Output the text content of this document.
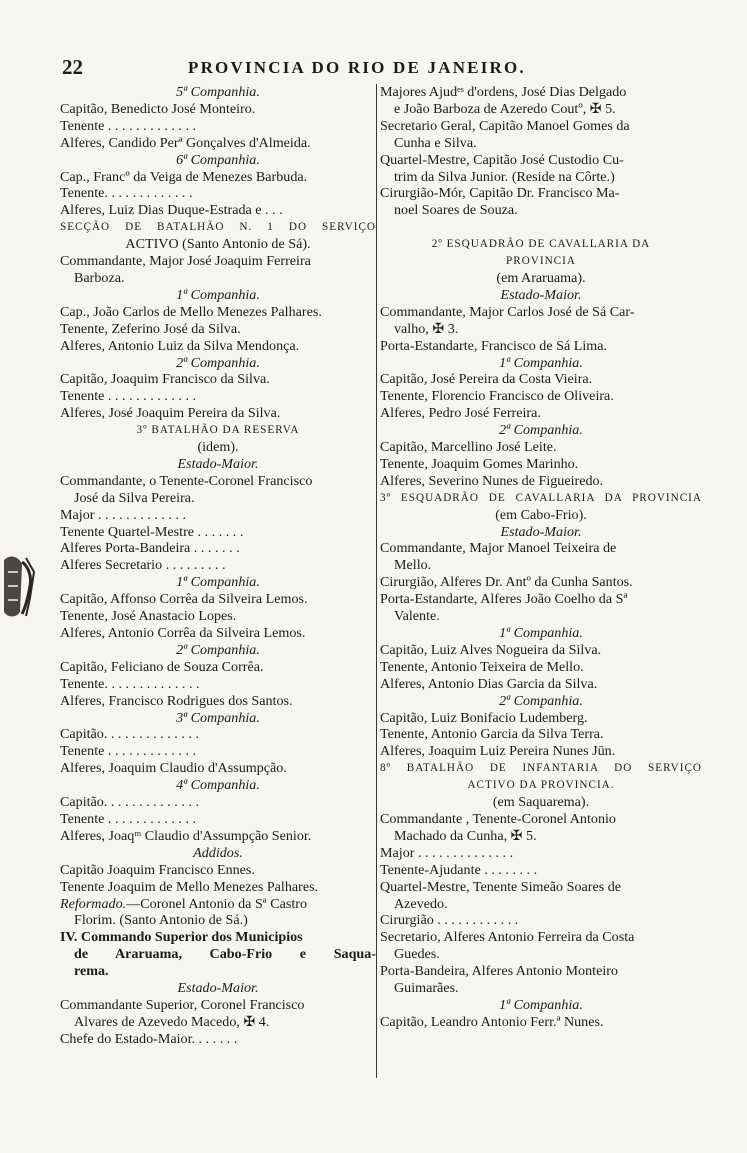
22	PROVINCIA DO RIO DE JANEIRO.
5ª Companhia.
Capitão, Benedicto José Monteiro.
Tenente . . . . . . . . . . . . .
Alferes, Candido Perª Gonçalves d'Almeida.
6ª Companhia.
Cap., Francº da Veiga de Menezes Barbuda.
Tenente. . . . . . . . . . . . .
Alferes, Luiz Dias Duque-Estrada e . . .
SECÇÃO DE BATALHÃO N. 1 DO SERVIÇO
ACTIVO (Santo Antonio de Sá).
Commandante, Major José Joaquim Ferreira
Barboza.
1ª Companhia.
Cap., João Carlos de Mello Menezes Palhares.
Tenente, Zeferino José da Silva.
Alferes, Antonio Luiz da Silva Mendonça.
2ª Companhia.
Capitão, Joaquim Francisco da Silva.
Tenente . . . . . . . . . . . . .
Alferes, José Joaquim Pereira da Silva.
3º BATALHÃO DA RESERVA
(idem).
Estado-Maior.
Commandante, o Tenente-Coronel Francisco
José da Silva Pereira.
Major . . . . . . . . . . . . .
Tenente Quartel-Mestre . . . . . . .
Alferes Porta-Bandeira . . . . . . .
Alferes Secretario . . . . . . . . .
1ª Companhia.
Capitão, Affonso Corrêa da Silveira Lemos.
Tenente, José Anastacio Lopes.
Alferes, Antonio Corrêa da Silveira Lemos.
2ª Companhia.
Capitão, Feliciano de Souza Corrêa.
Tenente. . . . . . . . . . . . . .
Alferes, Francisco Rodrigues dos Santos.
3ª Companhia.
Capitão. . . . . . . . . . . . . .
Tenente . . . . . . . . . . . . .
Alferes, Joaquim Claudio d'Assumpção.
4ª Companhia.
Capitão. . . . . . . . . . . . . .
Tenente . . . . . . . . . . . . .
Alferes, Joaqᵐ Claudio d'Assumpção Senior.
Addidos.
Capitão Joaquim Francisco Ennes.
Tenente Joaquim de Mello Menezes Palhares.
Reformado.—Coronel Antonio da Sª Castro
Florim. (Santo Antonio de Sá.)
IV. Commando Superior dos Municipios
de Araruama, Cabo-Frio e Saqua-
rema.
Estado-Maior.
Commandante Superior, Coronel Francisco
Alvares de Azevedo Macedo, ✠ 4.
Chefe do Estado-Maior. . . . . . .
Majores Ajudᵉˢ d'ordens, José Dias Delgado
e João Barboza de Azeredo Coutº, ✠ 5.
Secretario Geral, Capitão Manoel Gomes da
Cunha e Silva.
Quartel-Mestre, Capitão José Custodio Cu-
trim da Silva Junior. (Reside na Côrte.)
Cirurgião-Mór, Capitão Dr. Francisco Ma-
noel Soares de Souza.

2º ESQUADRÃO DE CAVALLARIA DA
PROVINCIA
(em Araruama).
Estado-Maior.
Commandante, Major Carlos José de Sá Car-
valho, ✠ 3.
Porta-Estandarte, Francisco de Sá Lima.
1ª Companhia.
Capitão, José Pereira da Costa Vieira.
Tenente, Florencio Francisco de Oliveira.
Alferes, Pedro José Ferreira.
2ª Companhia.
Capitão, Marcellino José Leite.
Tenente, Joaquim Gomes Marinho.
Alferes, Severino Nunes de Figueiredo.
3º ESQUADRÃO DE CAVALLARIA DA PROVINCIA
(em Cabo-Frio).
Estado-Maior.
Commandante, Major Manoel Teixeira de
Mello.
Cirurgião, Alferes Dr. Antº da Cunha Santos.
Porta-Estandarte, Alferes João Coelho da Sª
Valente.
1ª Companhia.
Capitão, Luiz Alves Nogueira da Silva.
Tenente, Antonio Teixeira de Mello.
Alferes, Antonio Dias Garcia da Silva.
2ª Companhia.
Capitão, Luiz Bonifacio Ludemberg.
Tenente, Antonio Garcia da Silva Terra.
Alferes, Joaquim Luiz Pereira Nunes Jūn.
8º BATALHÃO DE INFANTARIA DO SERVIÇO
ACTIVO DA PROVINCIA.
(em Saquarema).
Commandante , Tenente-Coronel Antonio
Machado da Cunha, ✠ 5.
Major . . . . . . . . . . . . . .
Tenente-Ajudante . . . . . . . .
Quartel-Mestre, Tenente Simeão Soares de
Azevedo.
Cirurgião . . . . . . . . . . . .
Secretario, Alferes Antonio Ferreira da Costa
Guedes.
Porta-Bandeira, Alferes Antonio Monteiro
Guimarães.
1ª Companhia.
Capitão, Leandro Antonio Ferr.ª Nunes.
